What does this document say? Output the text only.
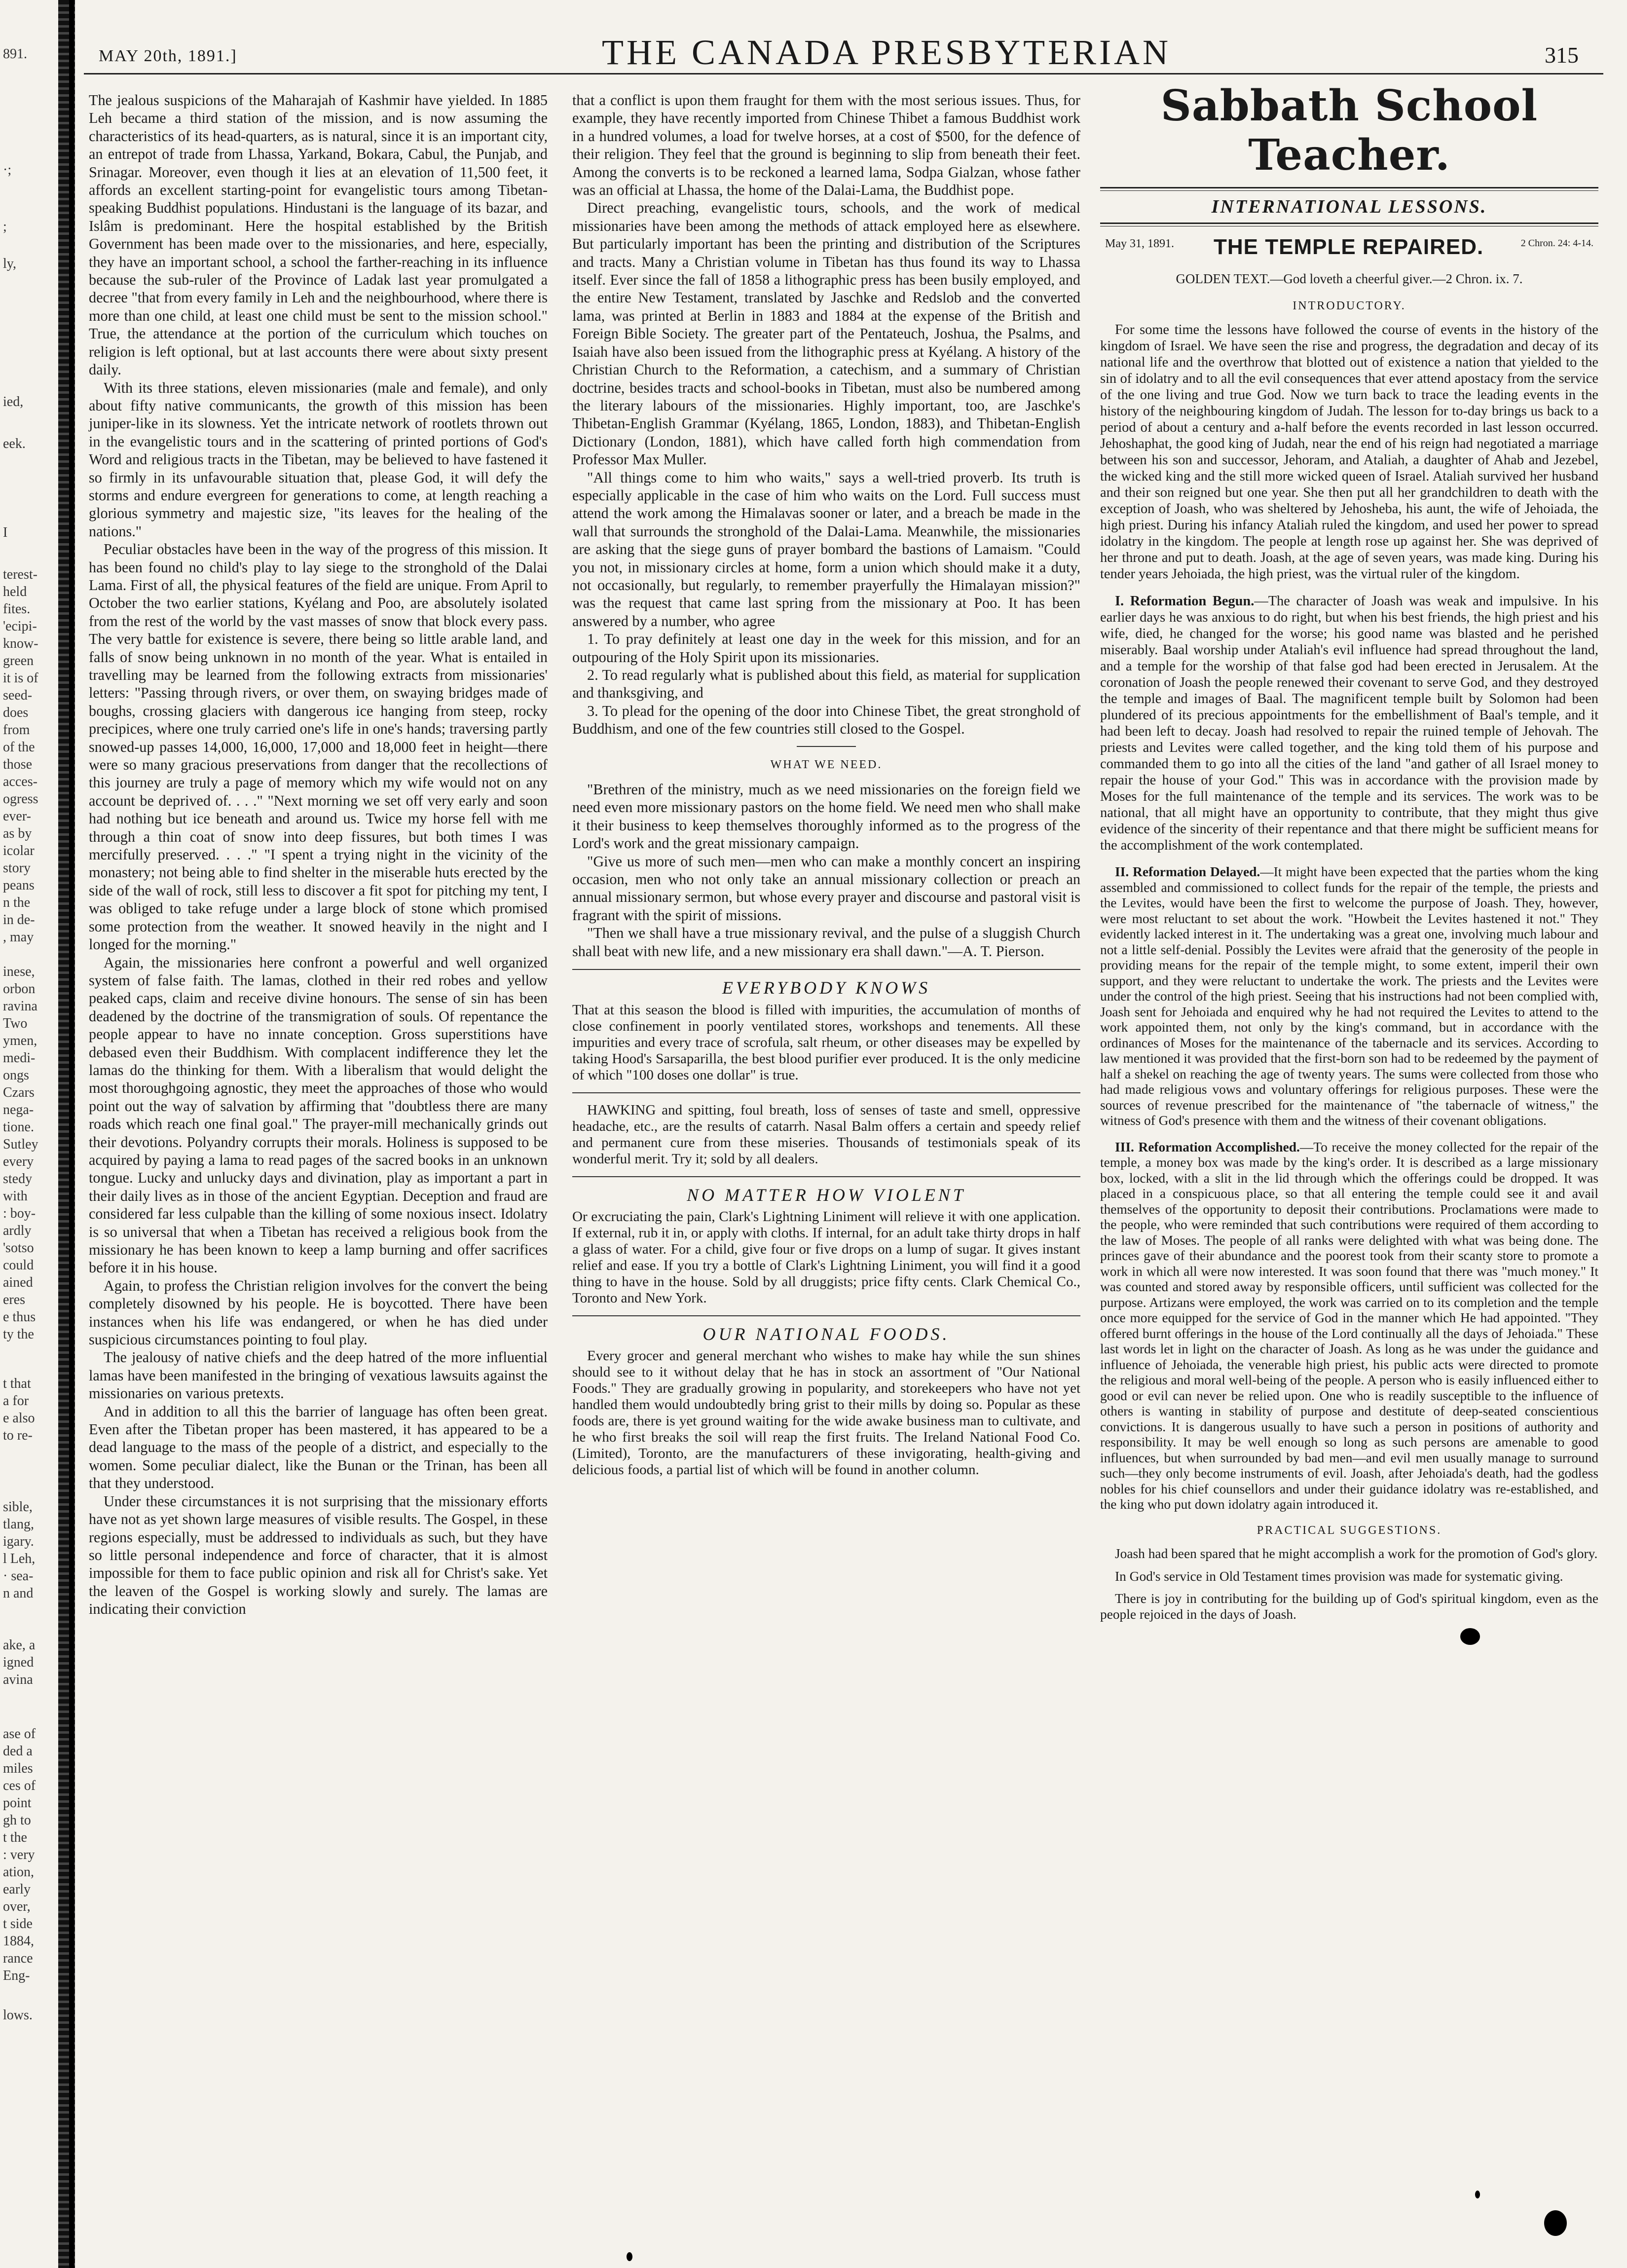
891.
·;
;
ly,
ied,
eek.
I
terest-
held
fites.
'ecipi-
know-
green
it is of
seed-
does
from
of the
those
acces-
ogress
ever-
as by
icolar
story
peans
n the
in de-
, may
inese,
orbon
ravina
Two
ymen,
medi-
ongs
Czars
nega-
tione.
Sutley
every
stedy
with
: boy-
ardly
'sotso
could
ained
eres
e thus
ty the
t that
a for
e also
to re-
sible,
tlang,
igary.
l Leh,
· sea-
n and
ake, a
igned
avina
ase of
ded a
miles
ces of
point
gh to
t the
: very
ation,
early
over,
t side
1884,
rance
Eng-
lows.
MAY 20th, 1891.]	THE CANADA PRESBYTERIAN	315

The jealous suspicions of the Maharajah of Kashmir have yielded. In 1885 Leh became a third station of the mission, and is now assuming the characteristics of its head-quarters, as is natural, since it is an important city, an entrepot of trade from Lhassa, Yarkand, Bokara, Cabul, the Punjab, and Srinagar. Moreover, even though it lies at an elevation of 11,500 feet, it affords an excellent starting-point for evangelistic tours among Tibetan-speaking Buddhist populations. Hindustani is the language of its bazar, and Islâm is predominant. Here the hospital established by the British Government has been made over to the missionaries, and here, especially, they have an important school, a school the farther-reaching in its influence because the sub-ruler of the Province of Ladak last year promulgated a decree "that from every family in Leh and the neighbourhood, where there is more than one child, at least one child must be sent to the mission school." True, the attendance at the portion of the curriculum which touches on religion is left optional, but at last accounts there were about sixty present daily.

With its three stations, eleven missionaries (male and female), and only about fifty native communicants, the growth of this mission has been juniper-like in its slowness. Yet the intricate network of rootlets thrown out in the evangelistic tours and in the scattering of printed portions of God's Word and religious tracts in the Tibetan, may be believed to have fastened it so firmly in its unfavourable situation that, please God, it will defy the storms and endure evergreen for generations to come, at length reaching a glorious symmetry and majestic size, "its leaves for the healing of the nations."

Peculiar obstacles have been in the way of the progress of this mission. It has been found no child's play to lay siege to the stronghold of the Dalai Lama. First of all, the physical features of the field are unique. From April to October the two earlier stations, Kyélang and Poo, are absolutely isolated from the rest of the world by the vast masses of snow that block every pass. The very battle for existence is severe, there being so little arable land, and falls of snow being unknown in no month of the year. What is entailed in travelling may be learned from the following extracts from missionaries' letters: "Passing through rivers, or over them, on swaying bridges made of boughs, crossing glaciers with dangerous ice hanging from steep, rocky precipices, where one truly carried one's life in one's hands; traversing partly snowed-up passes 14,000, 16,000, 17,000 and 18,000 feet in height—there were so many gracious preservations from danger that the recollections of this journey are truly a page of memory which my wife would not on any account be deprived of. . . ." "Next morning we set off very early and soon had nothing but ice beneath and around us. Twice my horse fell with me through a thin coat of snow into deep fissures, but both times I was mercifully preserved. . . ." "I spent a trying night in the vicinity of the monastery; not being able to find shelter in the miserable huts erected by the side of the wall of rock, still less to discover a fit spot for pitching my tent, I was obliged to take refuge under a large block of stone which promised some protection from the weather. It snowed heavily in the night and I longed for the morning."

Again, the missionaries here confront a powerful and well organized system of false faith. The lamas, clothed in their red robes and yellow peaked caps, claim and receive divine honours. The sense of sin has been deadened by the doctrine of the transmigration of souls. Of repentance the people appear to have no innate conception. Gross superstitions have debased even their Buddhism. With complacent indifference they let the lamas do the thinking for them. With a liberalism that would delight the most thoroughgoing agnostic, they meet the approaches of those who would point out the way of salvation by affirming that "doubtless there are many roads which reach one final goal." The prayer-mill mechanically grinds out their devotions. Polyandry corrupts their morals. Holiness is supposed to be acquired by paying a lama to read pages of the sacred books in an unknown tongue. Lucky and unlucky days and divination, play as important a part in their daily lives as in those of the ancient Egyptian. Deception and fraud are considered far less culpable than the killing of some noxious insect. Idolatry is so universal that when a Tibetan has received a religious book from the missionary he has been known to keep a lamp burning and offer sacrifices before it in his house.

Again, to profess the Christian religion involves for the convert the being completely disowned by his people. He is boycotted. There have been instances when his life was endangered, or when he has died under suspicious circumstances pointing to foul play.

The jealousy of native chiefs and the deep hatred of the more influential lamas have been manifested in the bringing of vexatious lawsuits against the missionaries on various pretexts.

And in addition to all this the barrier of language has often been great. Even after the Tibetan proper has been mastered, it has appeared to be a dead language to the mass of the people of a district, and especially to the women. Some peculiar dialect, like the Bunan or the Trinan, has been all that they understood.

Under these circumstances it is not surprising that the missionary efforts have not as yet shown large measures of visible results. The Gospel, in these regions especially, must be addressed to individuals as such, but they have so little personal independence and force of character, that it is almost impossible for them to face public opinion and risk all for Christ's sake. Yet the leaven of the Gospel is working slowly and surely. The lamas are indicating their conviction

that a conflict is upon them fraught for them with the most serious issues. Thus, for example, they have recently imported from Chinese Thibet a famous Buddhist work in a hundred volumes, a load for twelve horses, at a cost of $500, for the defence of their religion. They feel that the ground is beginning to slip from beneath their feet. Among the converts is to be reckoned a learned lama, Sodpa Gialzan, whose father was an official at Lhassa, the home of the Dalai-Lama, the Buddhist pope.

Direct preaching, evangelistic tours, schools, and the work of medical missionaries have been among the methods of attack employed here as elsewhere. But particularly important has been the printing and distribution of the Scriptures and tracts. Many a Christian volume in Tibetan has thus found its way to Lhassa itself. Ever since the fall of 1858 a lithographic press has been busily employed, and the entire New Testament, translated by Jaschke and Redslob and the converted lama, was printed at Berlin in 1883 and 1884 at the expense of the British and Foreign Bible Society. The greater part of the Pentateuch, Joshua, the Psalms, and Isaiah have also been issued from the lithographic press at Kyélang. A history of the Christian Church to the Reformation, a catechism, and a summary of Christian doctrine, besides tracts and school-books in Tibetan, must also be numbered among the literary labours of the missionaries. Highly important, too, are Jaschke's Thibetan-English Grammar (Kyélang, 1865, London, 1883), and Thibetan-English Dictionary (London, 1881), which have called forth high commendation from Professor Max Muller.

"All things come to him who waits," says a well-tried proverb. Its truth is especially applicable in the case of him who waits on the Lord. Full success must attend the work among the Himalavas sooner or later, and a breach be made in the wall that surrounds the stronghold of the Dalai-Lama. Meanwhile, the missionaries are asking that the siege guns of prayer bombard the bastions of Lamaism. "Could you not, in missionary circles at home, form a union which should make it a duty, not occasionally, but regularly, to remember prayerfully the Himalayan mission?" was the request that came last spring from the missionary at Poo. It has been answered by a number, who agree

1. To pray definitely at least one day in the week for this mission, and for an outpouring of the Holy Spirit upon its missionaries.

2. To read regularly what is published about this field, as material for supplication and thanksgiving, and

3. To plead for the opening of the door into Chinese Tibet, the great stronghold of Buddhism, and one of the few countries still closed to the Gospel.

WHAT WE NEED.

"Brethren of the ministry, much as we need missionaries on the foreign field we need even more missionary pastors on the home field. We need men who shall make it their business to keep themselves thoroughly informed as to the progress of the Lord's work and the great missionary campaign.

"Give us more of such men—men who can make a monthly concert an inspiring occasion, men who not only take an annual missionary collection or preach an annual missionary sermon, but whose every prayer and discourse and pastoral visit is fragrant with the spirit of missions.

"Then we shall have a true missionary revival, and the pulse of a sluggish Church shall beat with new life, and a new missionary era shall dawn."—A. T. Pierson.

EVERYBODY KNOWS

That at this season the blood is filled with impurities, the accumulation of months of close confinement in poorly ventilated stores, workshops and tenements. All these impurities and every trace of scrofula, salt rheum, or other diseases may be expelled by taking Hood's Sarsaparilla, the best blood purifier ever produced. It is the only medicine of which "100 doses one dollar" is true.

HAWKING and spitting, foul breath, loss of senses of taste and smell, oppressive headache, etc., are the results of catarrh. Nasal Balm offers a certain and speedy relief and permanent cure from these miseries. Thousands of testimonials speak of its wonderful merit. Try it; sold by all dealers.

NO MATTER HOW VIOLENT

Or excruciating the pain, Clark's Lightning Liniment will relieve it with one application. If external, rub it in, or apply with cloths. If internal, for an adult take thirty drops in half a glass of water. For a child, give four or five drops on a lump of sugar. It gives instant relief and ease. If you try a bottle of Clark's Lightning Liniment, you will find it a good thing to have in the house. Sold by all druggists; price fifty cents. Clark Chemical Co., Toronto and New York.

OUR NATIONAL FOODS.

Every grocer and general merchant who wishes to make hay while the sun shines should see to it without delay that he has in stock an assortment of "Our National Foods." They are gradually growing in popularity, and storekeepers who have not yet handled them would undoubtedly bring grist to their mills by doing so. Popular as these foods are, there is yet ground waiting for the wide awake business man to cultivate, and he who first breaks the soil will reap the first fruits. The Ireland National Food Co. (Limited), Toronto, are the manufacturers of these invigorating, health-giving and delicious foods, a partial list of which will be found in another column.

Sabbath School Teacher.
INTERNATIONAL LESSONS.
May 31, 1891. THE TEMPLE REPAIRED.	2 Chron. 24: 4-14.
GOLDEN TEXT.—God loveth a cheerful giver.—2 Chron. ix. 7.
INTRODUCTORY.

For some time the lessons have followed the course of events in the history of the kingdom of Israel. We have seen the rise and progress, the degradation and decay of its national life and the overthrow that blotted out of existence a nation that yielded to the sin of idolatry and to all the evil consequences that ever attend apostacy from the service of the one living and true God. Now we turn back to trace the leading events in the history of the neighbouring kingdom of Judah. The lesson for to-day brings us back to a period of about a century and a-half before the events recorded in last lesson occurred. Jehoshaphat, the good king of Judah, near the end of his reign had negotiated a marriage between his son and successor, Jehoram, and Ataliah, a daughter of Ahab and Jezebel, the wicked king and the still more wicked queen of Israel. Ataliah survived her husband and their son reigned but one year. She then put all her grandchildren to death with the exception of Joash, who was sheltered by Jehosheba, his aunt, the wife of Jehoiada, the high priest. During his infancy Ataliah ruled the kingdom, and used her power to spread idolatry in the kingdom. The people at length rose up against her. She was deprived of her throne and put to death. Joash, at the age of seven years, was made king. During his tender years Jehoiada, the high priest, was the virtual ruler of the kingdom.

I. Reformation Begun.—The character of Joash was weak and impulsive. In his earlier days he was anxious to do right, but when his best friends, the high priest and his wife, died, he changed for the worse; his good name was blasted and he perished miserably. Baal worship under Ataliah's evil influence had spread throughout the land, and a temple for the worship of that false god had been erected in Jerusalem. At the coronation of Joash the people renewed their covenant to serve God, and they destroyed the temple and images of Baal. The magnificent temple built by Solomon had been plundered of its precious appointments for the embellishment of Baal's temple, and it had been left to decay. Joash had resolved to repair the ruined temple of Jehovah. The priests and Levites were called together, and the king told them of his purpose and commanded them to go into all the cities of the land "and gather of all Israel money to repair the house of your God." This was in accordance with the provision made by Moses for the full maintenance of the temple and its services. The work was to be national, that all might have an opportunity to contribute, that they might thus give evidence of the sincerity of their repentance and that there might be sufficient means for the accomplishment of the work contemplated.

II. Reformation Delayed.—It might have been expected that the parties whom the king assembled and commissioned to collect funds for the repair of the temple, the priests and the Levites, would have been the first to welcome the purpose of Joash. They, however, were most reluctant to set about the work. "Howbeit the Levites hastened it not." They evidently lacked interest in it. The undertaking was a great one, involving much labour and not a little self-denial. Possibly the Levites were afraid that the generosity of the people in providing means for the repair of the temple might, to some extent, imperil their own support, and they were reluctant to undertake the work. The priests and the Levites were under the control of the high priest. Seeing that his instructions had not been complied with, Joash sent for Jehoiada and enquired why he had not required the Levites to attend to the work appointed them, not only by the king's command, but in accordance with the ordinances of Moses for the maintenance of the tabernacle and its services. According to law mentioned it was provided that the first-born son had to be redeemed by the payment of half a shekel on reaching the age of twenty years. The sums were collected from those who had made religious vows and voluntary offerings for religious purposes. These were the sources of revenue prescribed for the maintenance of "the tabernacle of witness," the witness of God's presence with them and the witness of their covenant obligations.

III. Reformation Accomplished.—To receive the money collected for the repair of the temple, a money box was made by the king's order. It is described as a large missionary box, locked, with a slit in the lid through which the offerings could be dropped. It was placed in a conspicuous place, so that all entering the temple could see it and avail themselves of the opportunity to deposit their contributions. Proclamations were made to the people, who were reminded that such contributions were required of them according to the law of Moses. The people of all ranks were delighted with what was being done. The princes gave of their abundance and the poorest took from their scanty store to promote a work in which all were now interested. It was soon found that there was "much money." It was counted and stored away by responsible officers, until sufficient was collected for the purpose. Artizans were employed, the work was carried on to its completion and the temple once more equipped for the service of God in the manner which He had appointed. "They offered burnt offerings in the house of the Lord continually all the days of Jehoiada." These last words let in light on the character of Joash. As long as he was under the guidance and influence of Jehoiada, the venerable high priest, his public acts were directed to promote the religious and moral well-being of the people. A person who is easily influenced either to good or evil can never be relied upon. One who is readily susceptible to the influence of others is wanting in stability of purpose and destitute of deep-seated conscientious convictions. It is dangerous usually to have such a person in positions of authority and responsibility. It may be well enough so long as such persons are amenable to good influences, but when surrounded by bad men—and evil men usually manage to surround such—they only become instruments of evil. Joash, after Jehoiada's death, had the godless nobles for his chief counsellors and under their guidance idolatry was re-established, and the king who put down idolatry again introduced it.

PRACTICAL SUGGESTIONS.

Joash had been spared that he might accomplish a work for the promotion of God's glory.

In God's service in Old Testament times provision was made for systematic giving.

There is joy in contributing for the building up of God's spiritual kingdom, even as the people rejoiced in the days of Joash.
